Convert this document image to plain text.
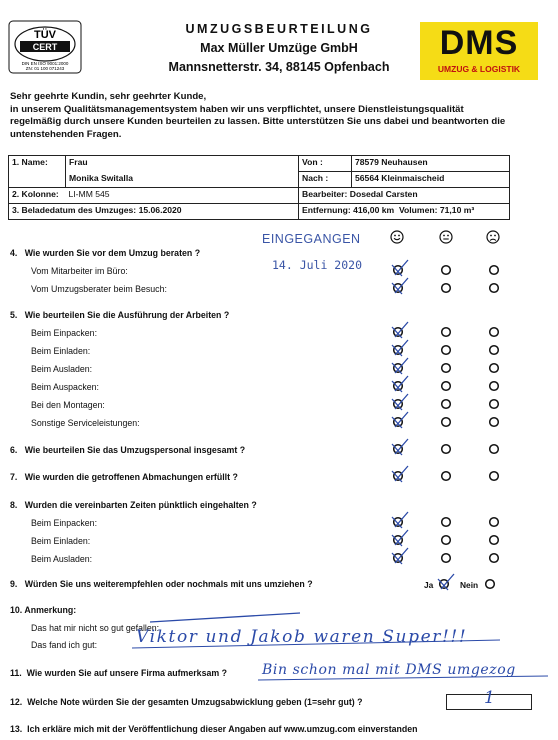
TÜV
CERT
DIN EN ISO 9001:2000
ZN: 01 100 071243
UMZUGSBEURTEILUNG
Max Müller Umzüge GmbH
Mannsnetterstr. 34, 88145 Opfenbach
DMS
UMZUG & LOGISTIK
Sehr geehrte Kundin, sehr geehrter Kunde,
in unserem Qualitätsmanagementsystem haben wir uns verpflichtet, unsere Dienstleistungsqualität
regelmäßig durch unsere Kunden beurteilen zu lassen. Bitte unterstützen Sie uns dabei und beantworten die
untenstehenden Fragen.
1. Name:	Frau	Von :	78579 Neuhausen
	Monika Switalla	Nach :	56564 Kleinmaischeid
2. Kolonne:	LI-MM 545	Bearbeiter: Dosedal Carsten	
3. Beladedatum des Umzuges: 15.06.2020		Entfernung: 416,00 km Volumen: 71,10 m³	
EINGEGANGEN
14. Juli 2020
4. Wie wurden Sie vor dem Umzug beraten ?
Vom Mitarbeiter im Büro:
Vom Umzugsberater beim Besuch:
5. Wie beurteilen Sie die Ausführung der Arbeiten ?
Beim Einpacken:
Beim Einladen:
Beim Ausladen:
Beim Auspacken:
Bei den Montagen:
Sonstige Serviceleistungen:
6. Wie beurteilen Sie das Umzugspersonal insgesamt ?
7. Wie wurden die getroffenen Abmachungen erfüllt ?
8. Wurden die vereinbarten Zeiten pünktlich eingehalten ?
Beim Einpacken:
Beim Einladen:
Beim Ausladen:
9. Würden Sie uns weiterempfehlen oder nochmals mit uns umziehen ?	Ja	Nein
10. Anmerkung:
Das hat mir nicht so gut gefallen:
Das fand ich gut:
11. Wie wurden Sie auf unsere Firma aufmerksam ?
12. Welche Note würden Sie der gesamten Umzugsabwicklung geben (1=sehr gut) ?
13. Ich erkläre mich mit der Veröffentlichung dieser Angaben auf www.umzug.com einverstanden
Viktor und Jakob waren Super!!!
Bin schon mal mit DMS umgezog
1
